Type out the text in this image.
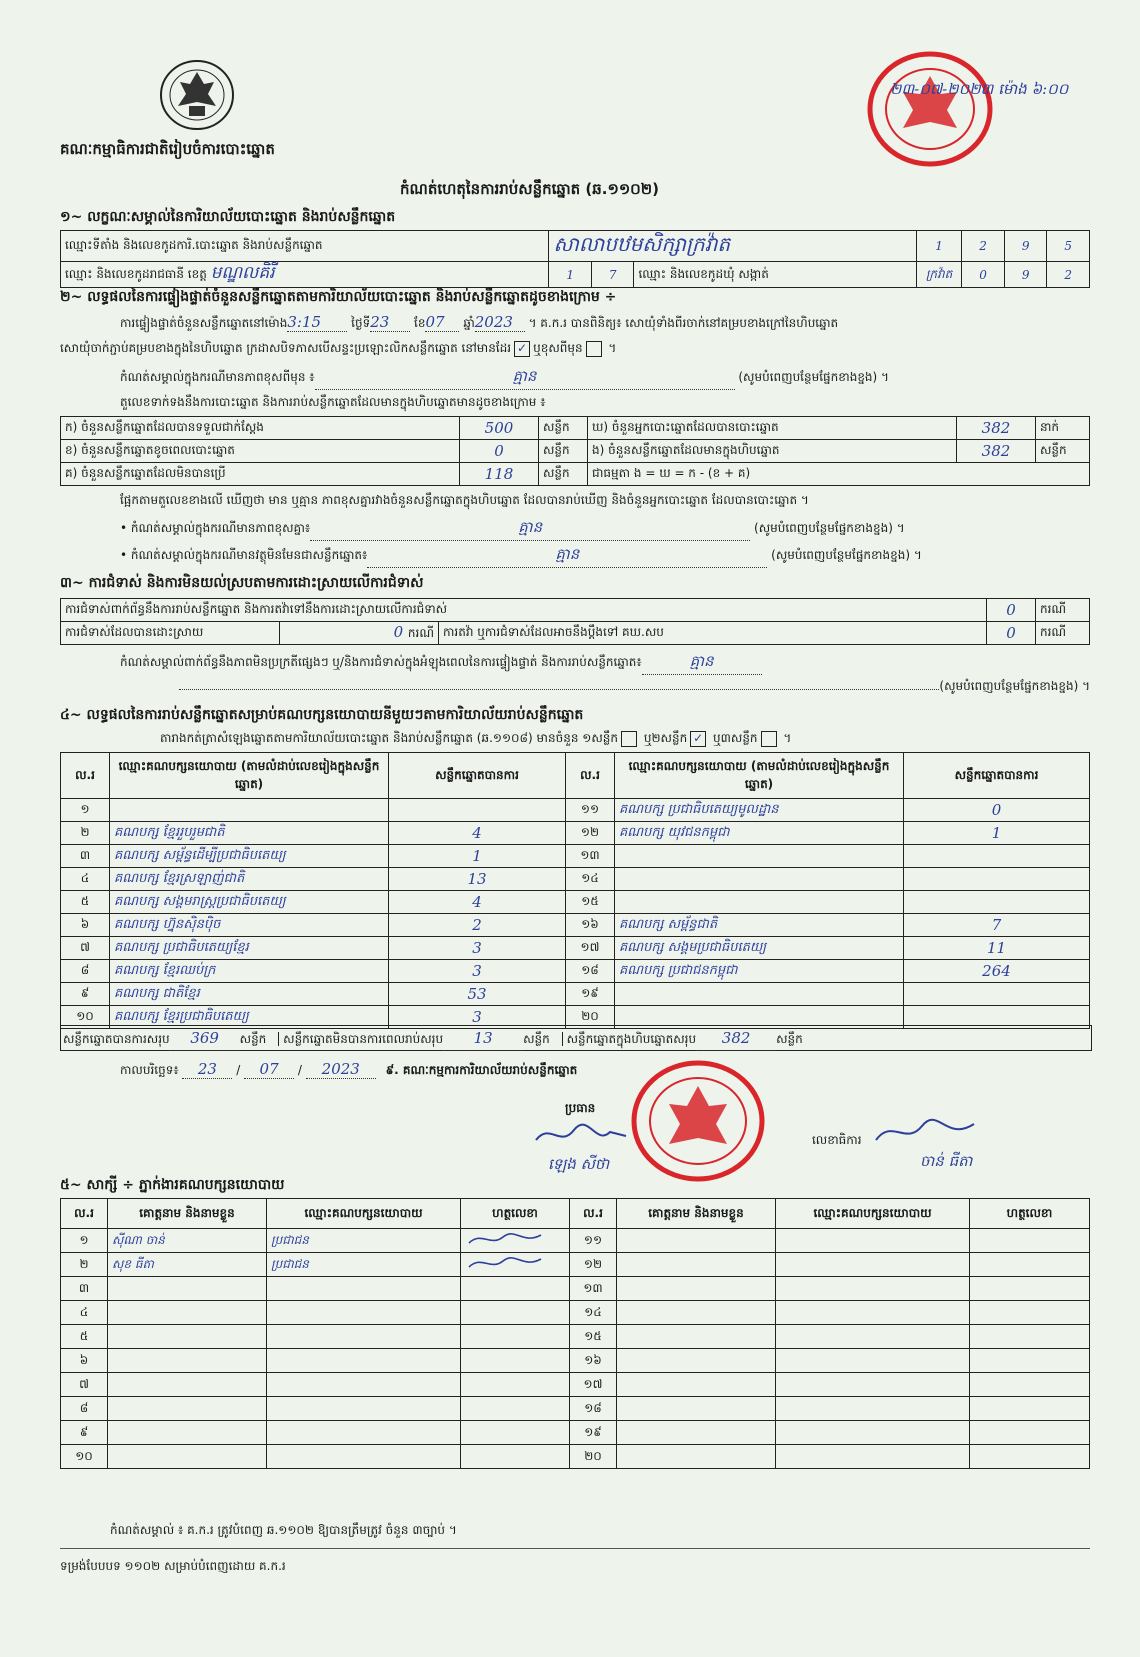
គណៈកម្មាធិការជាតិរៀបចំការបោះឆ្នោត
២៣-០៧-២០២៣ ម៉ោង ៦:០០
កំណត់ហេតុនៃការរាប់សន្លឹកឆ្នោត (ឆ.១១០២)
១~ លក្ខណៈសម្គាល់នៃការិយាល័យបោះឆ្នោត និងរាប់សន្លឹកឆ្នោត
ឈ្មោះទីតាំង និងលេខកូដការិ.បោះឆ្នោត និងរាប់សន្លឹកឆ្នោត	សាលាបឋមសិក្សាក្រវ៉ាត			1	2	9	5
ឈ្មោះ និងលេខកូដរាជធានី ខេត្ត មណ្ឌលគិរី	1	7	ឈ្មោះ និងលេខកូដឃុំ សង្កាត់	ក្រវ៉ាត	0	9	2
២~ លទ្ធផលនៃការផ្ទៀងផ្ទាត់ចំនួនសន្លឹកឆ្នោតតាមការិយាល័យបោះឆ្នោត និងរាប់សន្លឹកឆ្នោតដូចខាងក្រោម ÷
ការផ្ទៀងផ្ទាត់ចំនួនសន្លឹកឆ្នោតនៅម៉ោង3:15	ថ្ងៃទី23 ខែ07 ឆ្នាំ2023 ។ គ.ក.រ បានពិនិត្យ៖ សោយុំទាំងពីរចាក់នៅគម្របខាងក្រៅនៃហិបឆ្នោត
សោយុំចាក់ភ្ជាប់គម្របខាងក្នុងនៃហិបឆ្នោត ក្រដាសបិទភាសបើសន្ទះប្រឡោះលិកសន្លឹកឆ្នោត នៅមានដែរ ✓ ឬខុសពីមុន ។
កំណត់សម្គាល់ក្នុងករណីមានភាពខុសពីមុន ៖	គ្មាន	(សូមបំពេញបន្ថែមផ្នែកខាងខ្នង) ។
តួលេខទាក់ទងនឹងការបោះឆ្នោត និងការរាប់សន្លឹកឆ្នោតដែលមានក្នុងហិបឆ្នោតមានដូចខាងក្រោម ៖
ក) ចំនួនសន្លឹកឆ្នោតដែលបានទទួលជាក់ស្តែង	500	សន្លឹក	ឃ) ចំនួនអ្នកបោះឆ្នោតដែលបានបោះឆ្នោត	382	នាក់
ខ) ចំនួនសន្លឹកឆ្នោតខូចពេលបោះឆ្នោត	0	សន្លឹក	ង) ចំនួនសន្លឹកឆ្នោតដែលមានក្នុងហិបឆ្នោត	382	សន្លឹក
គ) ចំនួនសន្លឹកឆ្នោតដែលមិនបានប្រើ	118	សន្លឹក	ជាធម្មតា ង = ឃ = ក - (ខ + គ)		
ផ្អែកតាមតួលេខខាងលើ ឃើញថា មាន ឬគ្មាន ភាពខុសគ្នារវាងចំនួនសន្លឹកឆ្នោតក្នុងហិបឆ្នោត ដែលបានរាប់ឃើញ និងចំនួនអ្នកបោះឆ្នោត ដែលបានបោះឆ្នោត ។
• កំណត់សម្គាល់ក្នុងករណីមានភាពខុសគ្នា៖	គ្មាន	(សូមបំពេញបន្ថែមផ្នែកខាងខ្នង) ។
• កំណត់សម្គាល់ក្នុងករណីមានវត្ថុមិនមែនជាសន្លឹកឆ្នោត៖	គ្មាន	(សូមបំពេញបន្ថែមផ្នែកខាងខ្នង) ។
៣~ ការជំទាស់ និងការមិនយល់ស្របតាមការដោះស្រាយលើការជំទាស់
ការជំទាស់ពាក់ព័ន្ធនឹងការរាប់សន្លឹកឆ្នោត និងការតវ៉ាទៅនឹងការដោះស្រាយលើការជំទាស់			0	ករណី
ការជំទាស់ដែលបានដោះស្រាយ	0 ករណី	ការតវ៉ា ឬការជំទាស់ដែលអាចនឹងប្តឹងទៅ គឃ.សប	0	ករណី
កំណត់សម្គាល់ពាក់ព័ន្ធនឹងភាពមិនប្រក្រតីផ្សេងៗ ឬ/និងការជំទាស់ក្នុងអំឡុងពេលនៃការផ្ទៀងផ្ទាត់ និងការរាប់សន្លឹកឆ្នោត៖	គ្មាន
(សូមបំពេញបន្ថែមផ្នែកខាងខ្នង) ។
៤~ លទ្ធផលនៃការរាប់សន្លឹកឆ្នោតសម្រាប់គណបក្សនយោបាយនីមួយៗតាមការិយាល័យរាប់សន្លឹកឆ្នោត
តារាងកត់ត្រាសំឡេងឆ្នោតតាមការិយាល័យបោះឆ្នោត និងរាប់សន្លឹកឆ្នោត (ឆ.១១០៨) មានចំនួន ១សន្លឹក ឬ២សន្លឹក ✓ ឬ៣សន្លឹក ។
ល.រ	ឈ្មោះគណបក្សនយោបាយ (តាមលំដាប់លេខរៀងក្នុងសន្លឹកឆ្នោត)	សន្លឹកឆ្នោតបានការ	ល.រ	ឈ្មោះគណបក្សនយោបាយ (តាមលំដាប់លេខរៀងក្នុងសន្លឹកឆ្នោត)	សន្លឹកឆ្នោតបានការ
១			១១	គណបក្ស ប្រជាធិបតេយ្យមូលដ្ឋាន	0
២	គណបក្ស ខ្មែររួបរួមជាតិ	4	១២	គណបក្ស យុវជនកម្ពុជា	1
៣	គណបក្ស សម្ព័ន្ធដើម្បីប្រជាធិបតេយ្យ	1	១៣		
៤	គណបក្ស ខ្មែរស្រឡាញ់ជាតិ	13	១៤		
៥	គណបក្ស សង្គមរាស្ត្រប្រជាធិបតេយ្យ	4	១៥		
៦	គណបក្ស ហ្វ៊ុនស៊ិនប៉ិច	2	១៦	គណបក្ស សម្ព័ន្ធជាតិ	7
៧	គណបក្ស ប្រជាធិបតេយ្យខ្មែរ	3	១៧	គណបក្ស សង្គមប្រជាធិបតេយ្យ	11
៨	គណបក្ស ខ្មែរឈប់ក្រ	3	១៨	គណបក្ស ប្រជាជនកម្ពុជា	264
៩	គណបក្ស ជាតិខ្មែរ	53	១៩		
១០	គណបក្ស ខ្មែរប្រជាធិបតេយ្យ	3	២០		
សន្លឹកឆ្នោតបានការសរុប 369 សន្លឹក សន្លឹកឆ្នោតមិនបានការពេលរាប់សរុប 13	សន្លឹក សន្លឹកឆ្នោតក្នុងហិបឆ្នោតសរុប 382 សន្លឹក
កាលបរិច្ឆេទ៖ 23 / 07 / 2023 ៩. គណៈកម្មការការិយាល័យរាប់សន្លឹកឆ្នោត
ប្រធាន
ឡេង សីថា
លេខាធិការ
ចាន់ ធីតា
៥~ សាក្សី ÷ ភ្នាក់ងារគណបក្សនយោបាយ
ល.រ	គោត្តនាម និងនាមខ្លួន	ឈ្មោះគណបក្សនយោបាយ	ហត្ថលេខា	ល.រ	គោត្តនាម និងនាមខ្លួន	ឈ្មោះគណបក្សនយោបាយ	ហត្ថលេខា
១	ស៊ីណា ចាន់	ប្រជាជន		១១			
២	សុខ ធីតា	ប្រជាជន		១២			
៣				១៣			
៤				១៤			
៥				១៥			
៦				១៦			
៧				១៧			
៨				១៨			
៩				១៩			
១០				២០			
កំណត់សម្គាល់ ៖ គ.ក.រ ត្រូវបំពេញ ឆ.១១០២ ឱ្យបានត្រឹមត្រូវ ចំនួន ៣ច្បាប់ ។
ទម្រង់បែបបទ ១១០២ សម្រាប់បំពេញដោយ គ.ក.រ
